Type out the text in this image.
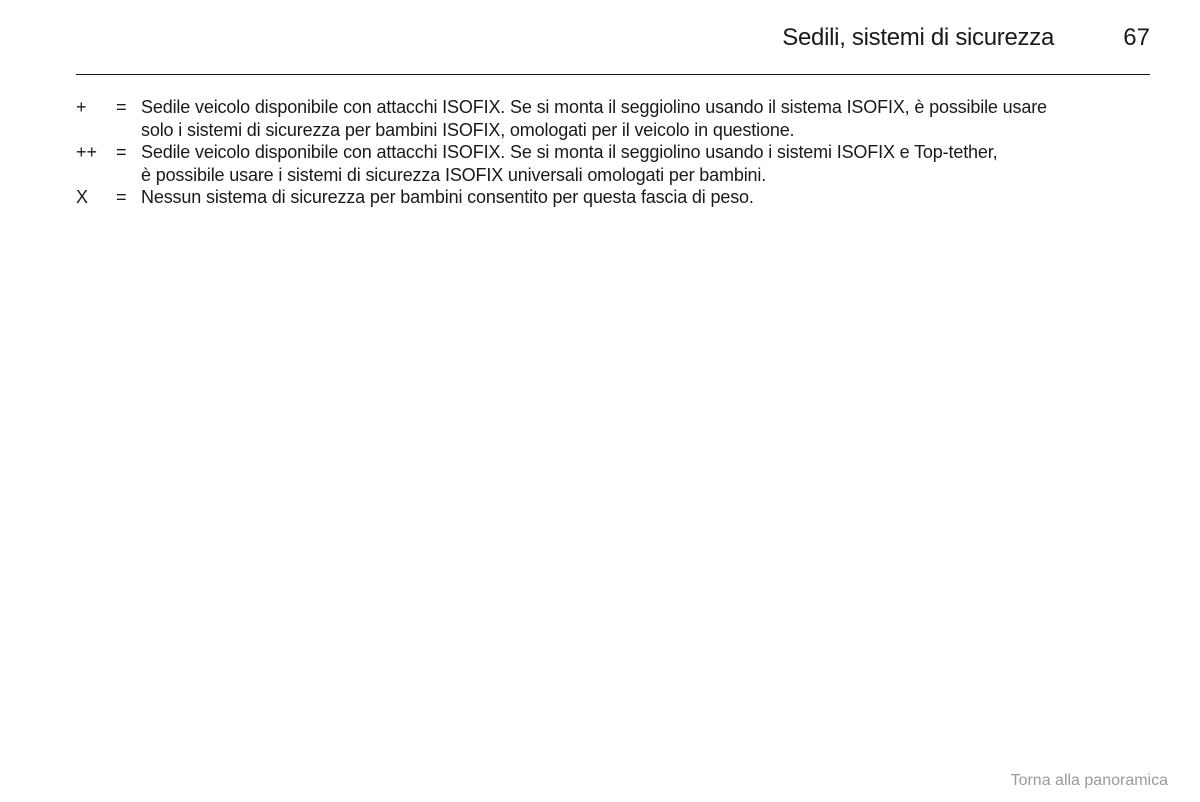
Sedili, sistemi di sicurezza	67
+	= Sedile veicolo disponibile con attacchi ISOFIX. Se si monta il seggiolino usando il sistema ISOFIX, è possibile usare
solo i sistemi di sicurezza per bambini ISOFIX, omologati per il veicolo in questione.
++	= Sedile veicolo disponibile con attacchi ISOFIX. Se si monta il seggiolino usando i sistemi ISOFIX e Top-tether,
è possibile usare i sistemi di sicurezza ISOFIX universali omologati per bambini.
X	= Nessun sistema di sicurezza per bambini consentito per questa fascia di peso.
Torna alla panoramica
